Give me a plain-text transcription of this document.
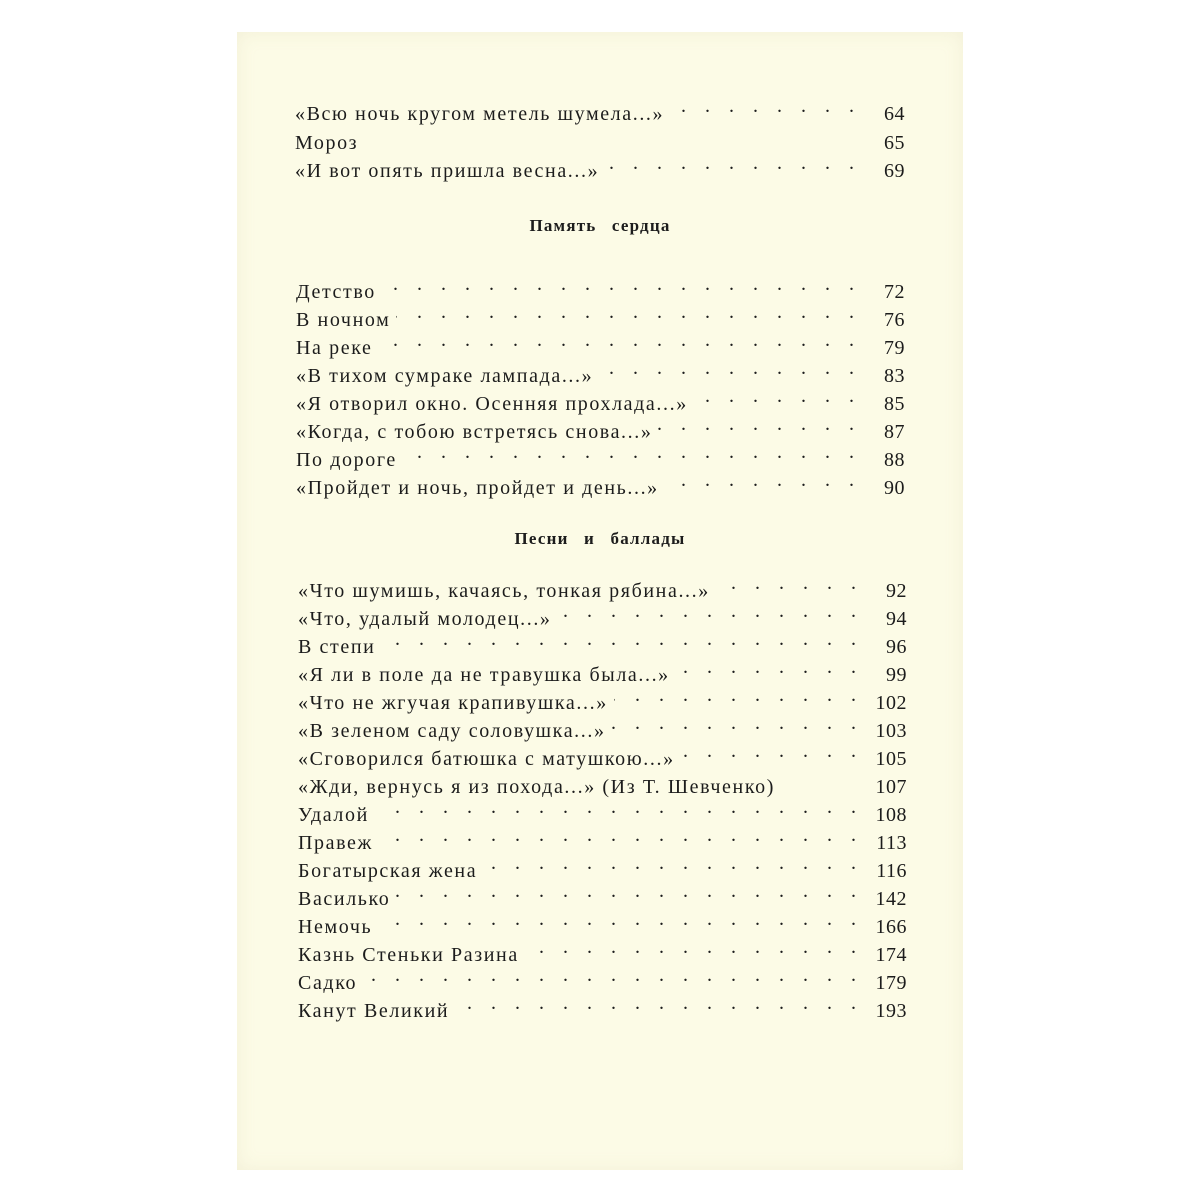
Память сердца
Песни и баллады
«Всю ночь кругом метель шумела...» . . .	64
Мороз	65
«И вот опять пришла весна...» . . .	69
Детство . . .	72
В ночном . . .	76
На реке . . .	79
«В тихом сумраке лампада...» . . .	83
«Я отворил окно. Осенняя прохлада...» . . .	85
«Когда, с тобою встретясь снова...» . . .	87
По дороге . . .	88
«Пройдет и ночь, пройдет и день...» . . .	90
«Что шумишь, качаясь, тонкая рябина...» . . .	92
«Что, удалый молодец...» . . .	94
В степи . . .	96
«Я ли в поле да не травушка была...» . . .	99
«Что не жгучая крапивушка...» . . .	102
«В зеленом саду соловушка...» . . .	103
«Сговорился батюшка с матушкою...» . . .	105
«Жди, вернусь я из похода...» (Из Т. Шевченко)	107
Удалой . . .	108
Правеж . . .	113
Богатырская жена . . .	116
Василько . . .	142
Немочь . . .	166
Казнь Стеньки Разина . . .	174
Садко . . .	179
Канут Великий . . .	193
